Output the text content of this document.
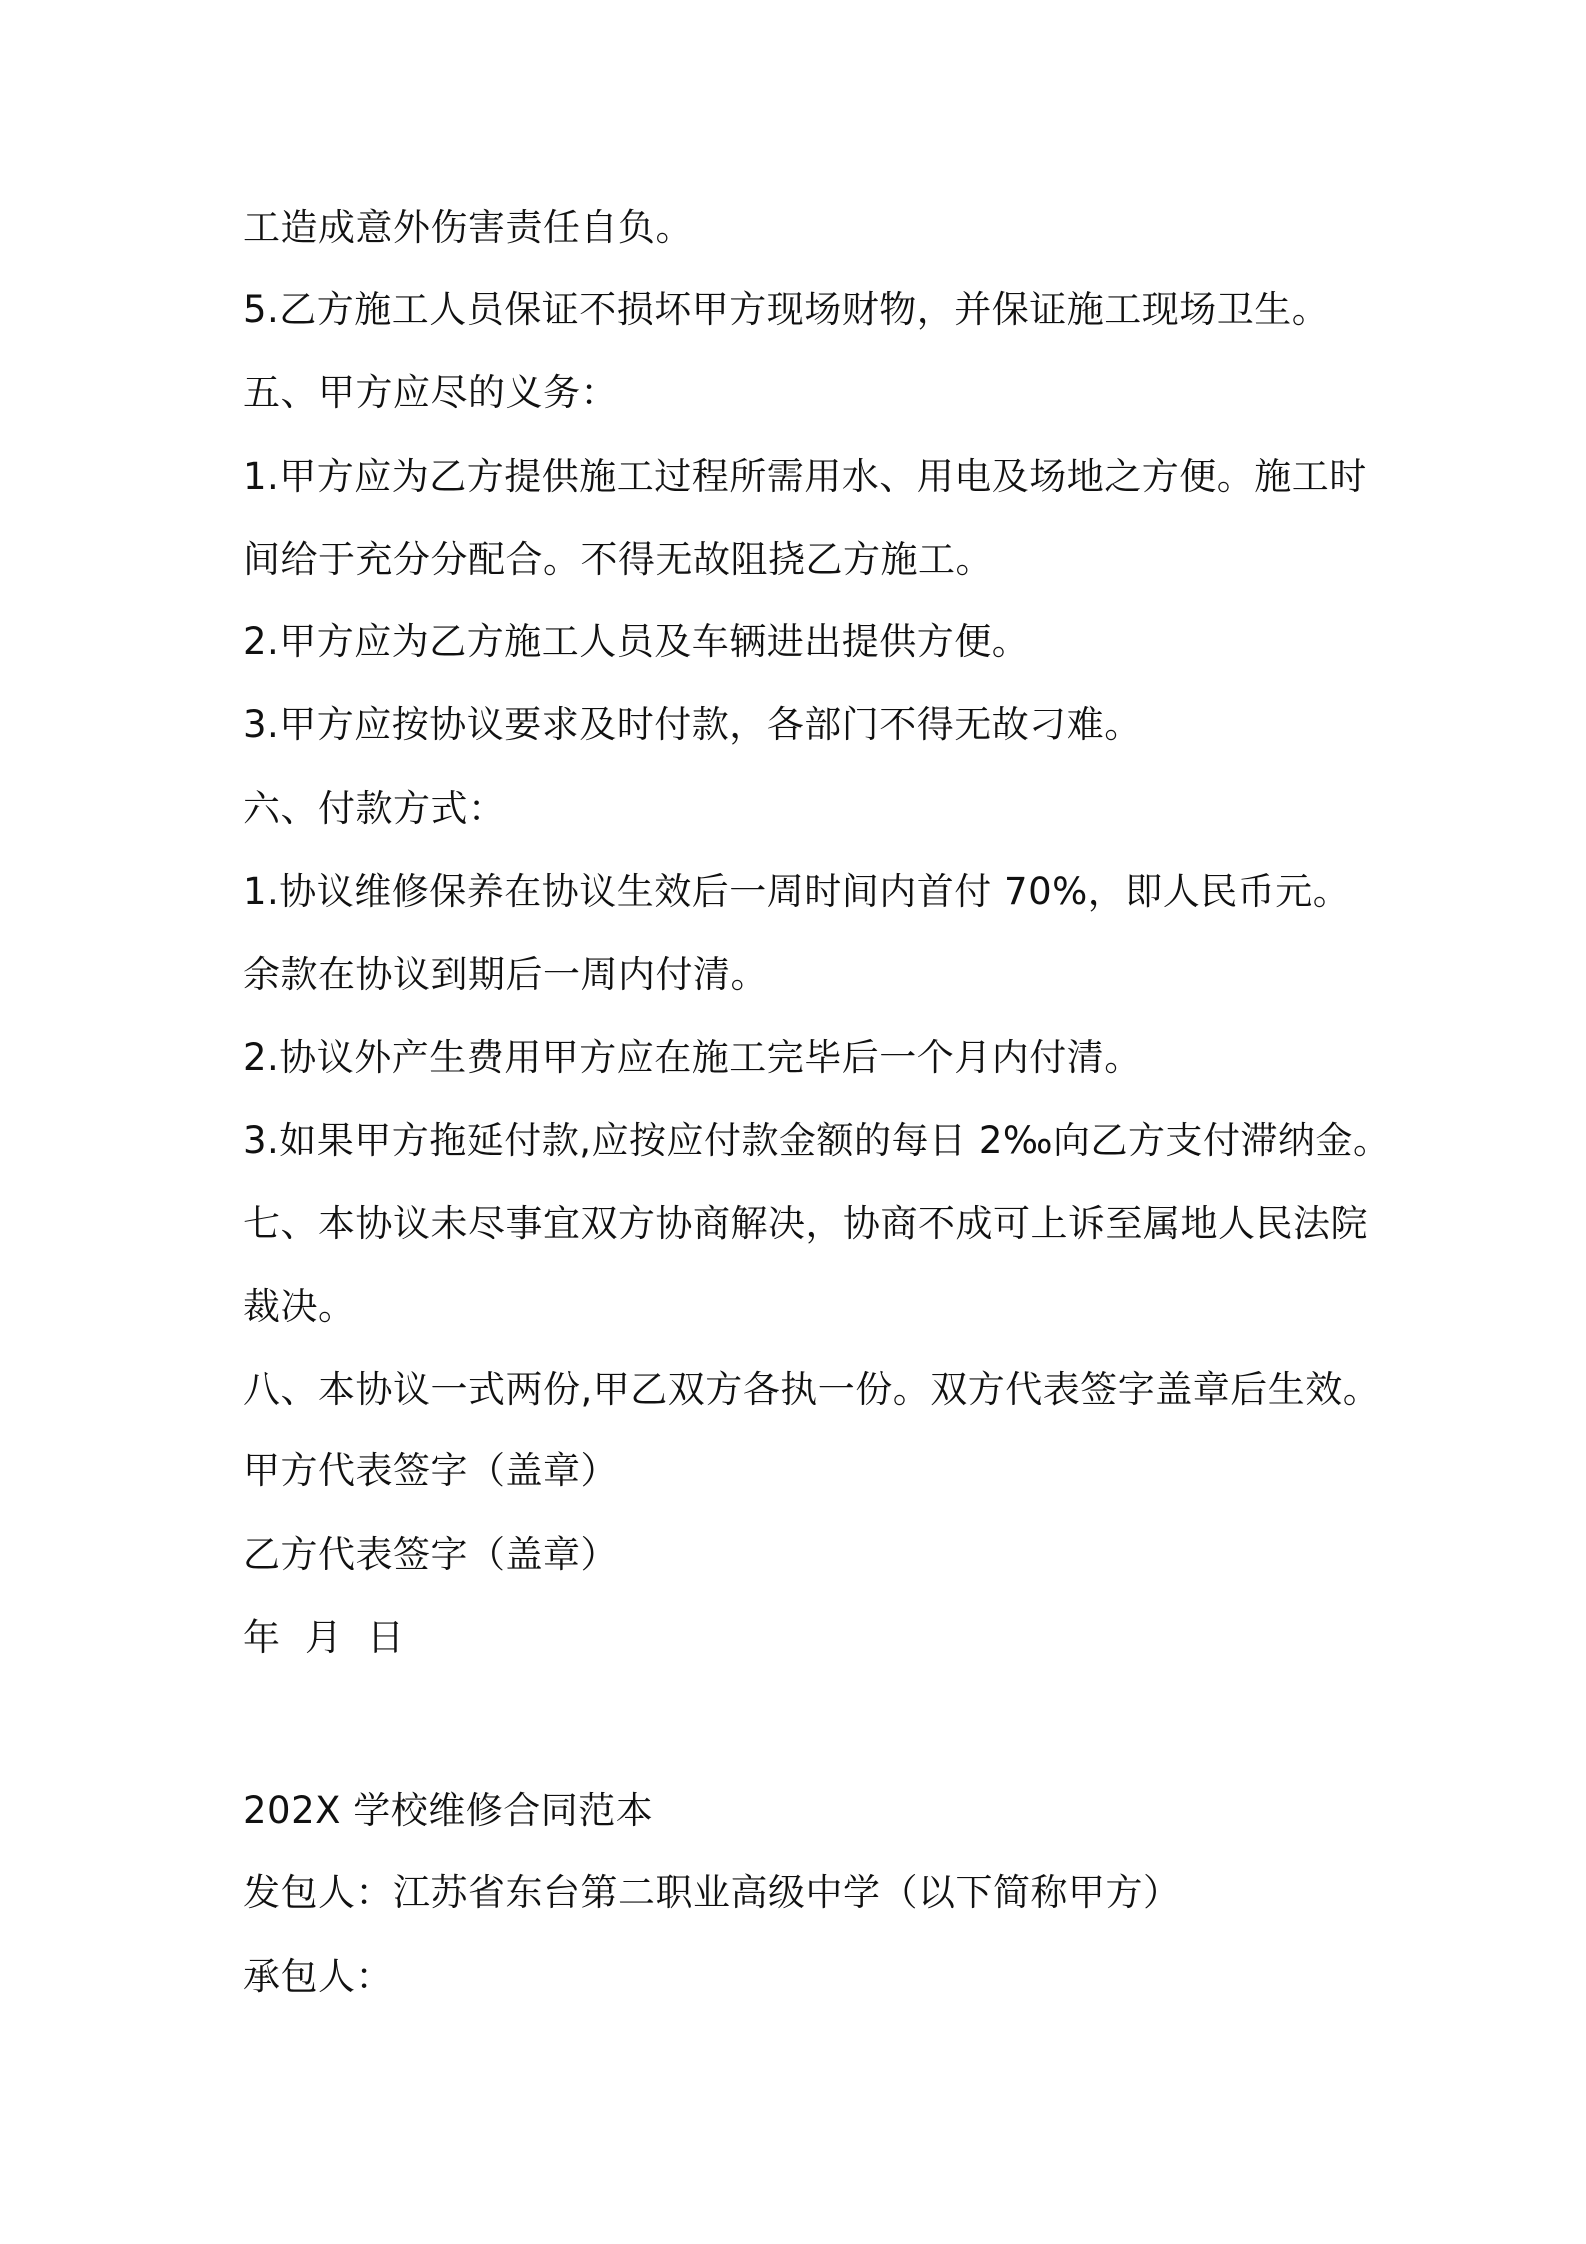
工造成意外伤害责任自负。
5.乙方施工人员保证不损坏甲方现场财物，并保证施工现场卫生。
五、甲方应尽的义务：
1.甲方应为乙方提供施工过程所需用水、用电及场地之方便。施工时
间给于充分分配合。不得无故阻挠乙方施工。
2.甲方应为乙方施工人员及车辆进出提供方便。
3.甲方应按协议要求及时付款，各部门不得无故刁难。
六、付款方式：
1.协议维修保养在协议生效后一周时间内首付 70%，即人民币元。
余款在协议到期后一周内付清。
2.协议外产生费用甲方应在施工完毕后一个月内付清。
3.如果甲方拖延付款,应按应付款金额的每日 2‰向乙方支付滞纳金。
七、本协议未尽事宜双方协商解决，协商不成可上诉至属地人民法院
裁决。
八、本协议一式两份,甲乙双方各执一份。双方代表签字盖章后生效。
甲方代表签字（盖章）
乙方代表签字（盖章）
年  月  日
202X 学校维修合同范本
发包人：江苏省东台第二职业高级中学（以下简称甲方）
承包人：
